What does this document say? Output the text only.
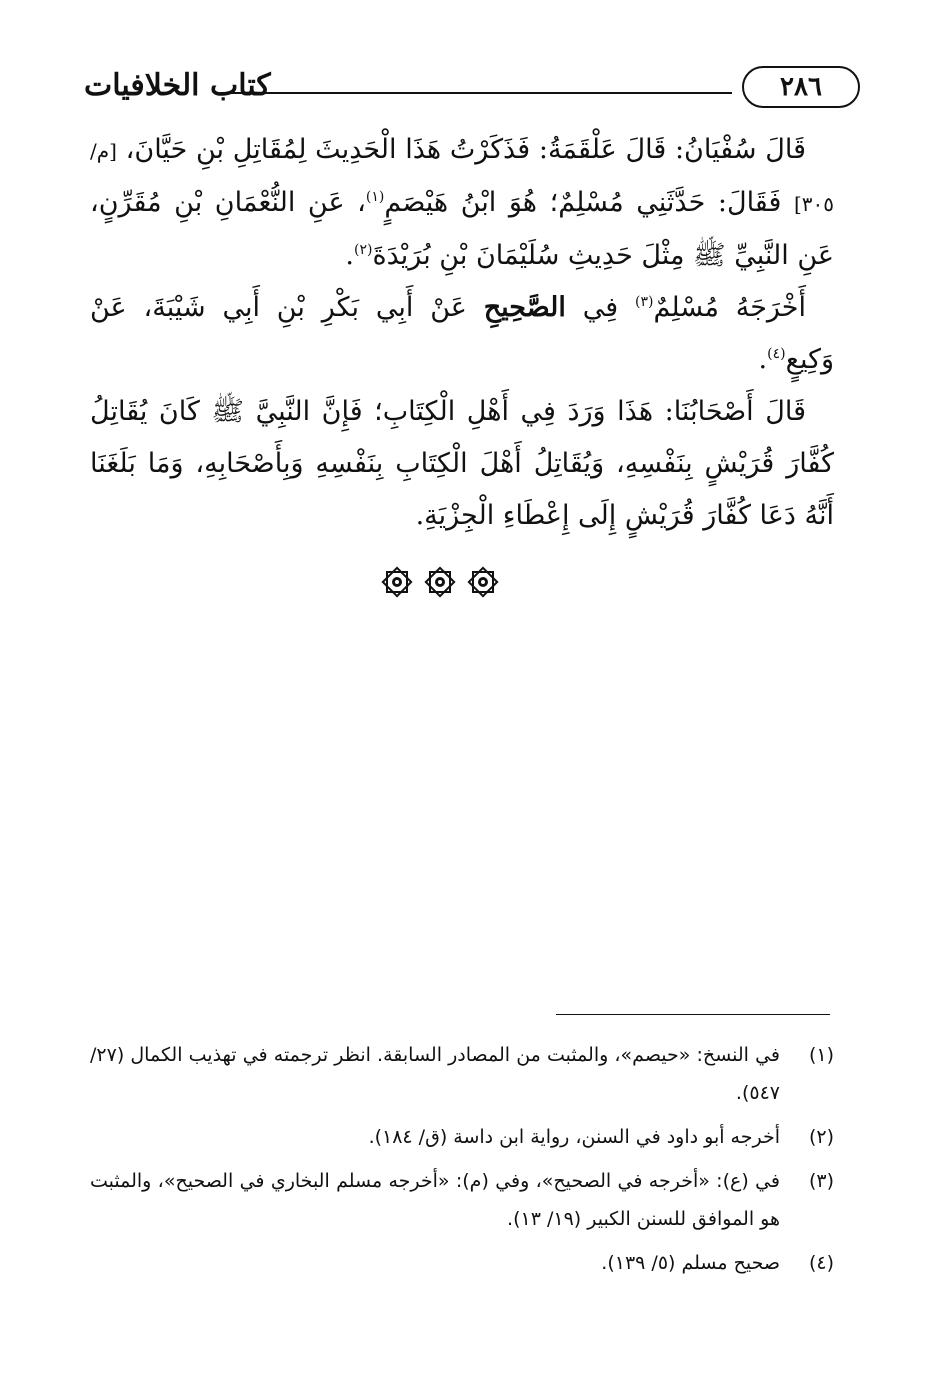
كتاب الخلافيات	٢٨٦

قَالَ سُفْيَانُ: قَالَ عَلْقَمَةُ: فَذَكَرْتُ هَذَا الْحَدِيثَ لِمُقَاتِلِ بْنِ حَيَّانَ، [م/ ٣٠٥] فَقَالَ: حَدَّثَنِي مُسْلِمٌ؛ هُوَ ابْنُ هَيْصَمٍ$^{(١)}$، عَنِ النُّعْمَانِ بْنِ مُقَرِّنٍ، عَنِ النَّبِيِّ ﷺ مِثْلَ حَدِيثِ سُلَيْمَانَ بْنِ بُرَيْدَةَ$^{(٢)}$.

أَخْرَجَهُ مُسْلِمٌ$^{(٣)}$ فِي الصَّحِيحِ عَنْ أَبِي بَكْرِ بْنِ أَبِي شَيْبَةَ، عَنْ وَكِيعٍ$^{(٤)}$.

قَالَ أَصْحَابُنَا: هَذَا وَرَدَ فِي أَهْلِ الْكِتَابِ؛ فَإِنَّ النَّبِيَّ ﷺ كَانَ يُقَاتِلُ كُفَّارَ قُرَيْشٍ بِنَفْسِهِ، وَيُقَاتِلُ أَهْلَ الْكِتَابِ بِنَفْسِهِ وَبِأَصْحَابِهِ، وَمَا بَلَغَنَا أَنَّهُ دَعَا كُفَّارَ قُرَيْشٍ إِلَى إِعْطَاءِ الْجِزْيَةِ.

(١)
في النسخ: «حيصم»، والمثبت من المصادر السابقة. انظر ترجمته في تهذيب الكمال (٢٧/ ٥٤٧).
(٢)
أخرجه أبو داود في السنن، رواية ابن داسة (ق/ ١٨٤).
(٣)
في (ع): «أخرجه في الصحيح»، وفي (م): «أخرجه مسلم البخاري في الصحيح»، والمثبت هو الموافق للسنن الكبير (١٩/ ١٣).
(٤)
صحيح مسلم (٥/ ١٣٩).
